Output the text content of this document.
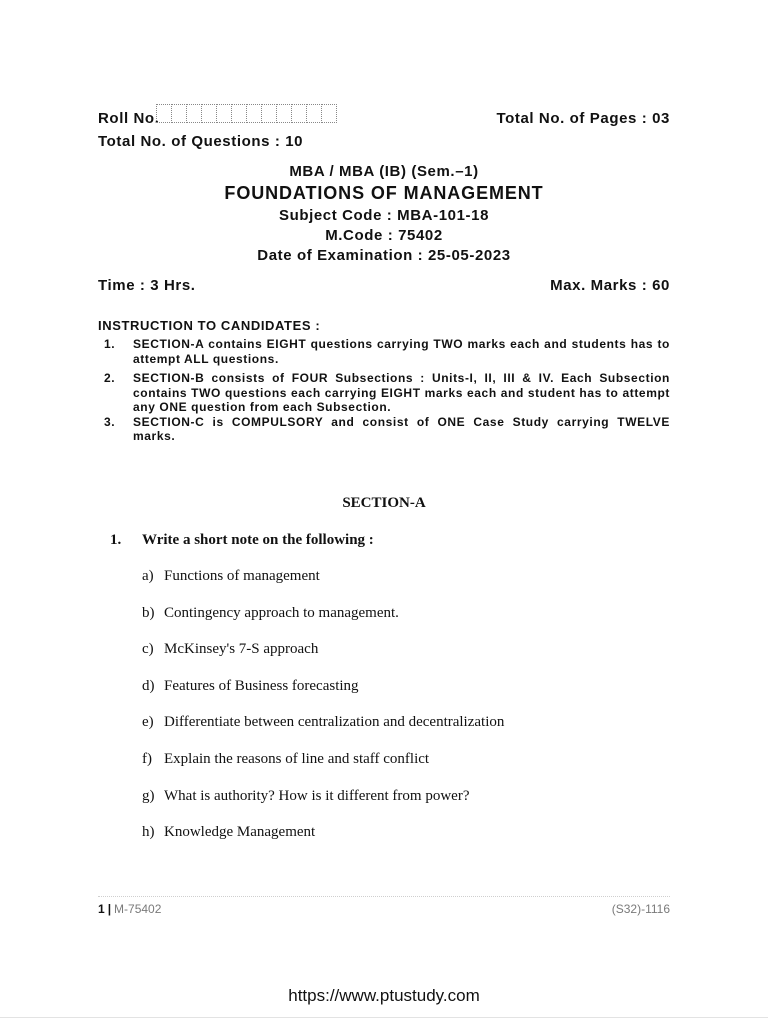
Roll No.	Total No. of Pages : 03
Total No. of Questions : 10
MBA / MBA (IB) (Sem.–1)
FOUNDATIONS OF MANAGEMENT
Subject Code : MBA-101-18
M.Code : 75402
Date of Examination : 25-05-2023
Time : 3 Hrs.	Max. Marks : 60
INSTRUCTION TO CANDIDATES :
1.	SECTION-A contains EIGHT questions carrying TWO marks each and students has to attempt ALL questions.
2.	SECTION-B consists of FOUR Subsections : Units-I, II, III & IV. Each Subsection contains TWO questions each carrying EIGHT marks each and student has to attempt any ONE question from each Subsection.
3.	SECTION-C is COMPULSORY and consist of ONE Case Study carrying TWELVE marks.
SECTION-A
1. Write a short note on the following :
a) Functions of management
b) Contingency approach to management.
c) McKinsey's 7-S approach
d) Features of Business forecasting
e) Differentiate between centralization and decentralization
f) Explain the reasons of line and staff conflict
g) What is authority? How is it different from power?
h) Knowledge Management
1 | M-75402	(S32)-1116
https://www.ptustudy.com
